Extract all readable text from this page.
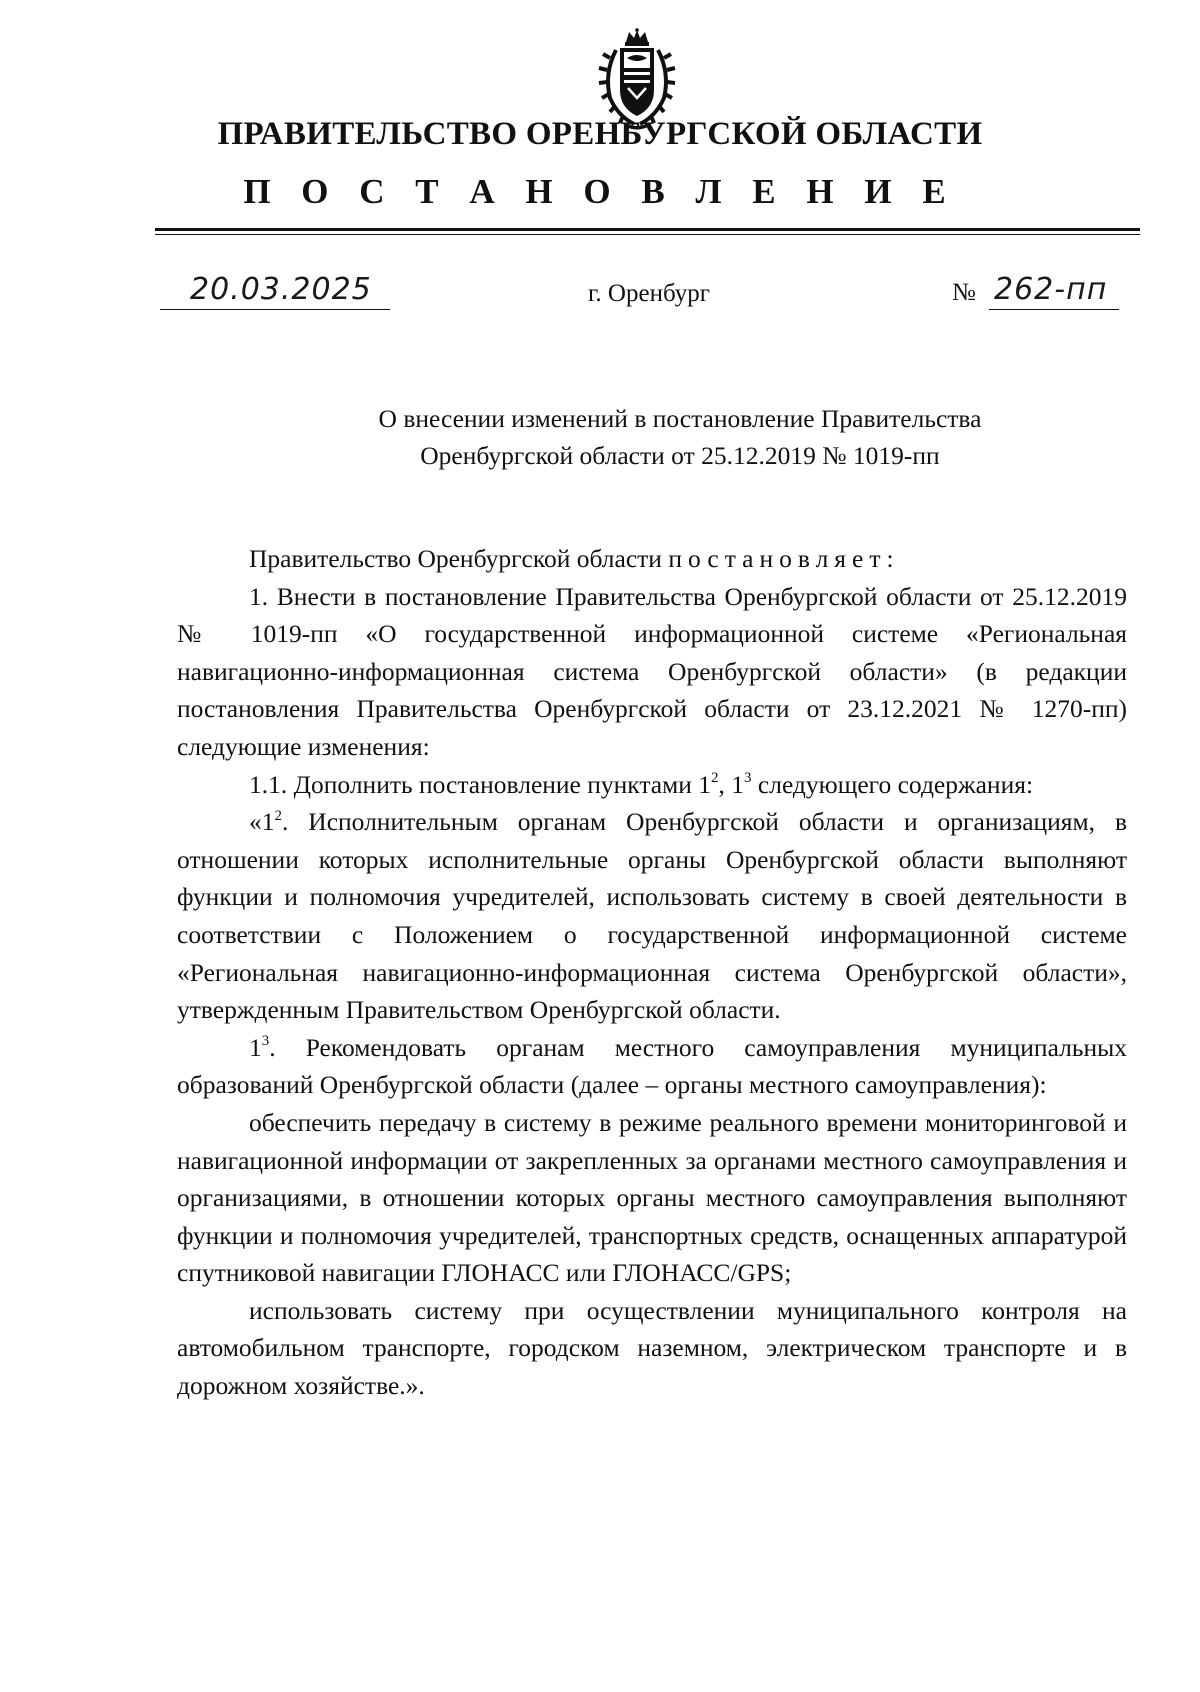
ПРАВИТЕЛЬСТВО ОРЕНБУРГСКОЙ ОБЛАСТИ
П О С Т А Н О В Л Е Н И Е
20.03.2025	г. Оренбург	№ 262-пп
О внесении изменений в постановление Правительства
Оренбургской области от 25.12.2019 № 1019-пп

Правительство Оренбургской области постановляет:

1. Внести в постановление Правительства Оренбургской области от 25.12.2019 № 1019-пп «О государственной информационной системе «Региональная навигационно-информационная система Оренбургской области» (в редакции постановления Правительства Оренбургской области от 23.12.2021 № 1270-пп) следующие изменения:

1.1. Дополнить постановление пунктами $1^2$, $1^3$ следующего содержания:

«$1^2$. Исполнительным органам Оренбургской области и организациям, в отношении которых исполнительные органы Оренбургской области выполняют функции и полномочия учредителей, использовать систему в своей деятельности в соответствии с Положением о государственной информационной системе «Региональная навигационно-информационная система Оренбургской области», утвержденным Правительством Оренбургской области.

$1^3$. Рекомендовать органам местного самоуправления муниципальных образований Оренбургской области (далее – органы местного самоуправления):

обеспечить передачу в систему в режиме реального времени мониторинговой и навигационной информации от закрепленных за органами местного самоуправления и организациями, в отношении которых органы местного самоуправления выполняют функции и полномочия учредителей, транспортных средств, оснащенных аппаратурой спутниковой навигации ГЛОНАСС или ГЛОНАСС/GPS;

использовать систему при осуществлении муниципального контроля на автомобильном транспорте, городском наземном, электрическом транспорте и в дорожном хозяйстве.».
